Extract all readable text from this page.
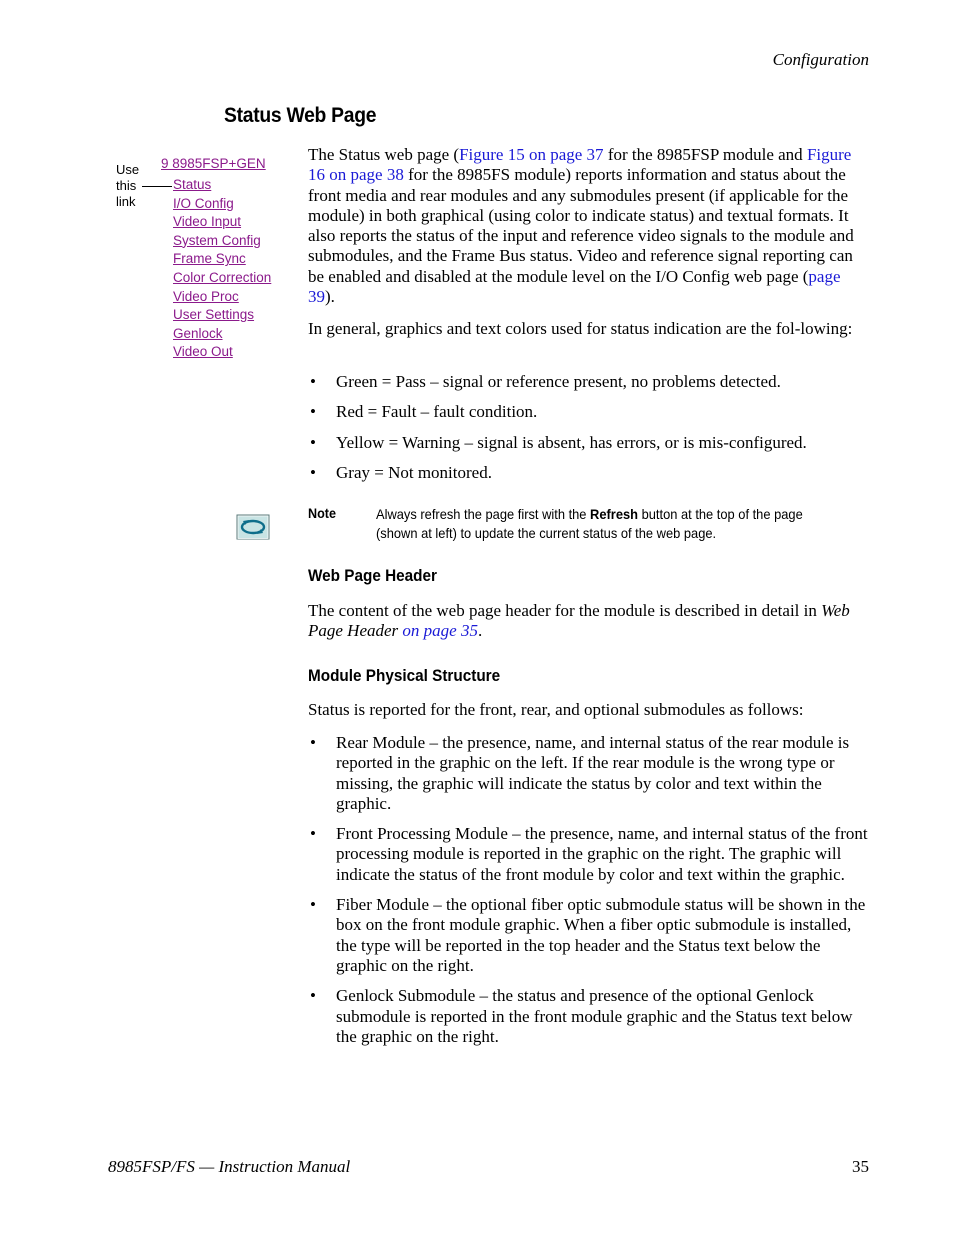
Configuration
Status Web Page
Use
this
link
9 8985FSP+GEN
Status
I/O Config
Video Input
System Config
Frame Sync
Color Correction
Video Proc
User Settings
Genlock
Video Out

The Status web page (Figure 15 on page 37 for the 8985FSP module and Figure 16 on page 38 for the 8985FS module) reports information and status about the front media and rear modules and any submodules present (if applicable for the module) in both graphical (using color to indicate status) and textual formats. It also reports the status of the input and reference video signals to the module and submodules, and the Frame Bus status. Video and reference signal reporting can be enabled and disabled at the module level on the I/O Config web page (page 39).

In general, graphics and text colors used for status indication are the fol-lowing:
• Green = Pass – signal or reference present, no problems detected.
• Red = Fault – fault condition.
• Yellow = Warning – signal is absent, has errors, or is mis-configured.
• Gray = Not monitored.
Note	Always refresh the page first with the Refresh button at the top of the page (shown at left) to update the current status of the web page.
Web Page Header

The content of the web page header for the module is described in detail in Web Page Header on page 35.

Module Physical Structure
Status is reported for the front, rear, and optional submodules as follows:
• Rear Module – the presence, name, and internal status of the rear module is reported in the graphic on the left. If the rear module is the wrong type or missing, the graphic will indicate the status by color and text within the graphic.
• Front Processing Module – the presence, name, and internal status of the front processing module is reported in the graphic on the right. The graphic will indicate the status of the front module by color and text within the graphic.
• Fiber Module – the optional fiber optic submodule status will be shown in the box on the front module graphic. When a fiber optic submodule is installed, the type will be reported in the top header and the Status text below the graphic on the right.
• Genlock Submodule – the status and presence of the optional Genlock submodule is reported in the front module graphic and the Status text below the graphic on the right.
8985FSP/FS — Instruction Manual	35
